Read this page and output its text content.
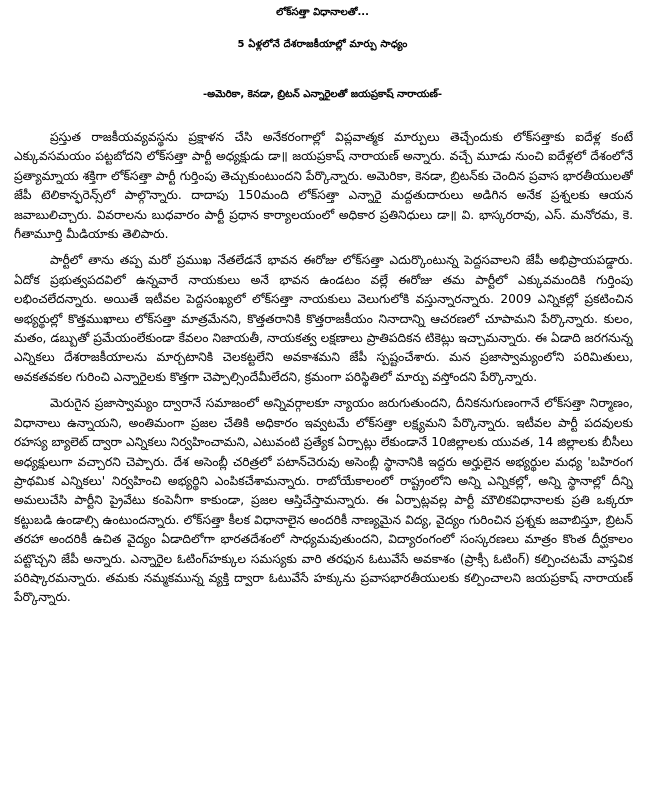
లోక్‌సత్తా విధానాలతో...
5 ఏళ్లలోనే దేశరాజకీయాల్లో మార్పు సాధ్యం
-అమెరికా, కెనడా, బ్రిటన్ ఎన్నారైలతో జయప్రకాష్ నారాయణ్-

ప్రస్తుత రాజకీయవ్యవస్థను ప్రక్షాళన చేసి అనేకరంగాల్లో విప్లవాత్మక మార్పులు తెచ్చేందుకు లోక్‌సత్తాకు ఐదేళ్ల కంటే ఎక్కువసమయం పట్టబోదని లోక్‌సత్తా పార్టీ అధ్యక్షుడు డా॥ జయప్రకాష్ నారాయణ్ అన్నారు. వచ్చే మూడు నుంచి ఐదేళ్లలో దేశంలోనే ప్రత్యామ్నాయ శక్తిగా లోక్‌సత్తా పార్టీ గుర్తింపు తెచ్చుకుంటుందని పేర్కొన్నారు. అమెరికా, కెనడా, బ్రిటన్‌కు చెందిన ప్రవాస భారతీయులతో జేపీ టెలికాన్ఫరెన్స్‌లో పాల్గొన్నారు. దాదాపు 150మంది లోక్‌సత్తా ఎన్నారై మద్దతుదారులు అడిగిన అనేక ప్రశ్నలకు ఆయన జవాబులిచ్చారు. వివరాలను బుధవారం పార్టీ ప్రధాన కార్యాలయంలో అధికార ప్రతినిధులు డా॥ వి. భాస్కరరావు, ఎస్. మనోరమ, కె. గీతామూర్తి మీడియాకు తెలిపారు.

పార్టీలో తాను తప్ప మరో ప్రముఖ నేతలేడనే భావన ఈరోజు లోక్‌సత్తా ఎదుర్కొంటున్న పెద్దసవాలని జేపీ అభిప్రాయపడ్డారు. ఏదోక ప్రభుత్వపదవిలో ఉన్నవారే నాయకులు అనే భావన ఉండటం వల్లే ఈరోజు తమ పార్టీలో ఎక్కువమందికి గుర్తింపు లభించలేదన్నారు. అయితే ఇటీవల పెద్దసంఖ్యలో లోక్‌సత్తా నాయకులు వెలుగులోకి వస్తున్నారన్నారు. 2009 ఎన్నికల్లో ప్రకటించిన అభ్యర్థుల్లో కొత్తముఖాలు లోక్‌సత్తా మాత్రమేనని, కొత్తతరానికి కొత్తరాజకీయం నినాదాన్ని ఆచరణలో చూపామని పేర్కొన్నారు. కులం, మతం, డబ్బుతో ప్రమేయంలేకుండా కేవలం నిజాయతీ, నాయకత్వ లక్షణాలు ప్రాతిపదికన టికెట్లు ఇచ్చామన్నారు. ఈ ఏడాది జరగనున్న ఎన్నికలు దేశరాజకీయాలను మార్చటానికి చెలకట్టలేని అవకాశమని జేపీ స్పష్టంచేశారు. మన ప్రజాస్వామ్యంలోని పరిమితులు, అవకతవకల గురించి ఎన్నారైలకు కొత్తగా చెప్పాల్సిందేమీలేదని, క్రమంగా పరిస్థితిలో మార్పు వస్తోందని పేర్కొన్నారు.

మెరుగైన ప్రజాస్వామ్యం ద్వారానే సమాజంలో అన్నివర్గాలకూ న్యాయం జరుగుతుందని, దీనికనుగుణంగానే లోక్‌సత్తా నిర్మాణం, విధానాలు ఉన్నాయని, అంతిమంగా ప్రజల చేతికి అధికారం ఇవ్వటమే లోక్‌సత్తా లక్ష్యమని పేర్కొన్నారు. ఇటీవల పార్టీ పదవులకు రహస్య బ్యాలెట్ ద్వారా ఎన్నికలు నిర్వహించామని, ఎటువంటి ప్రత్యేక ఏర్పాట్లు లేకుండానే 10జిల్లాలకు యువత, 14 జిల్లాలకు బీసీలు అధ్యక్షులుగా వచ్చారని చెప్పారు. దేశ అసెంబ్లీ చరిత్రలో పటాన్‌చెరువు అసెంబ్లీ స్థానానికి ఇద్దరు అర్హులైన అభ్యర్థుల మధ్య 'బహిరంగ ప్రాథమిక ఎన్నికలు' నిర్వహించి అభ్యర్థిని ఎంపికచేశామన్నారు. రాబోయేకాలంలో రాష్ట్రంలోని అన్ని ఎన్నికల్లో, అన్ని స్థానాల్లో దీన్ని అమలుచేసి పార్టీని ప్రైవేటు కంపెనీగా కాకుండా, ప్రజల ఆస్తిచేస్తామన్నారు. ఈ ఏర్పాట్లవల్ల పార్టీ మౌలికవిధానాలకు ప్రతి ఒక్కరూ కట్టుబడి ఉండాల్సి ఉంటుందన్నారు. లోక్‌సత్తా కీలక విధానాలైన అందరికీ నాణ్యమైన విద్య, వైద్యం గురించిన ప్రశ్నకు జవాబిస్తూ, బ్రిటన్ తరహా అందరికీ ఉచిత వైద్యం ఏడాదిలోగా భారతదేశంలో సాధ్యమవుతుందని, విద్యారంగంలో సంస్కరణలు మాత్రం కొంత దీర్ఘకాలం పట్టొచ్చని జేపీ అన్నారు. ఎన్నారైల ఓటింగ్‌హక్కుల సమస్యకు వారి తరఫున ఓటువేసే అవకాశం (ప్రాక్సీ ఓటింగ్) కల్పించటమే వాస్తవిక పరిష్కారమన్నారు. తమకు నమ్మకమున్న వ్యక్తి ద్వారా ఓటువేసే హక్కును ప్రవాసభారతీయులకు కల్పించాలని జయప్రకాష్ నారాయణ్ పేర్కొన్నారు.
